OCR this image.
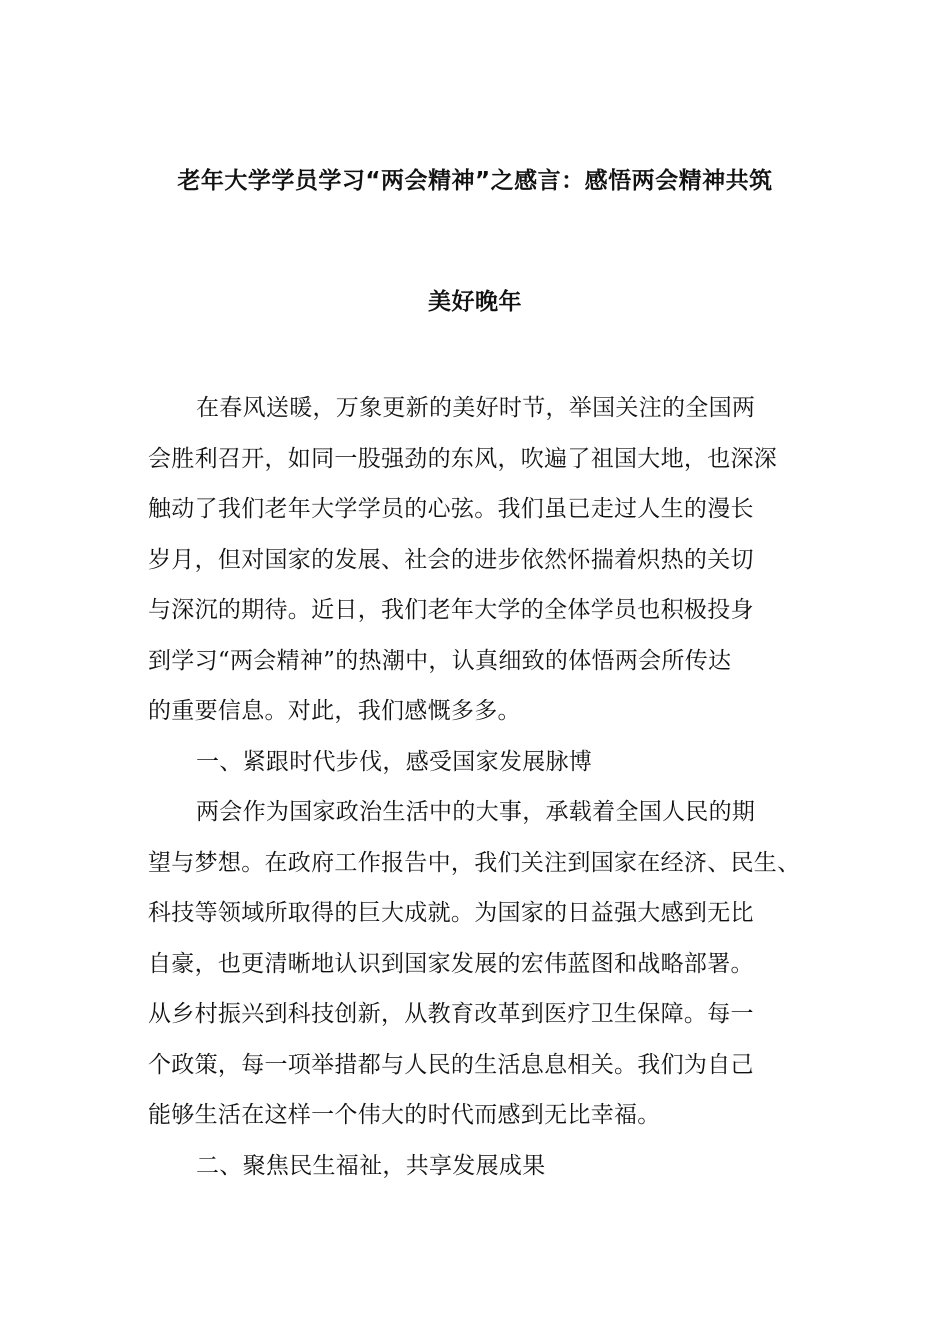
老年大学学员学习“两会精神”之感言：感悟两会精神共筑
美好晚年
在春风送暖，万象更新的美好时节，举国关注的全国两
会胜利召开，如同一股强劲的东风，吹遍了祖国大地，也深深
触动了我们老年大学学员的心弦。我们虽已走过人生的漫长
岁月，但对国家的发展、社会的进步依然怀揣着炽热的关切
与深沉的期待。近日，我们老年大学的全体学员也积极投身
到学习“两会精神”的热潮中，认真细致的体悟两会所传达
的重要信息。对此，我们感慨多多。
一、紧跟时代步伐，感受国家发展脉博
两会作为国家政治生活中的大事，承载着全国人民的期
望与梦想。在政府工作报告中，我们关注到国家在经济、民生、
科技等领域所取得的巨大成就。为国家的日益强大感到无比
自豪，也更清晰地认识到国家发展的宏伟蓝图和战略部署。
从乡村振兴到科技创新，从教育改革到医疗卫生保障。每一
个政策，每一项举措都与人民的生活息息相关。我们为自己
能够生活在这样一个伟大的时代而感到无比幸福。
二、聚焦民生福祉，共享发展成果
